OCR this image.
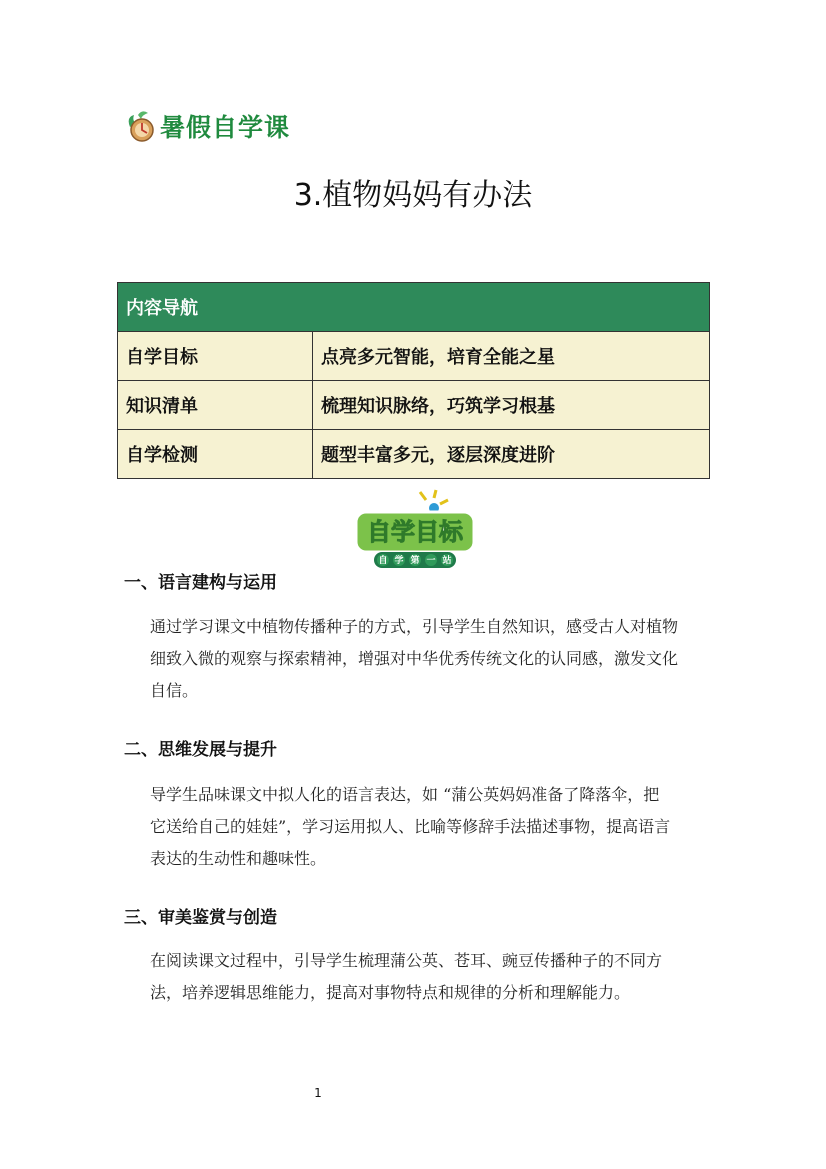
暑假自学课
3.植物妈妈有办法
内容导航	
自学目标	点亮多元智能，培育全能之星
知识清单	梳理知识脉络，巧筑学习根基
自学检测	题型丰富多元，逐层深度进阶
自学目标
自 学 第 一 站
一、语言建构与运用

通过学习课文中植物传播种子的方式，引导学生自然知识，感受古人对植物

细致入微的观察与探索精神，增强对中华优秀传统文化的认同感，激发文化

自信。

二、思维发展与提升

导学生品味课文中拟人化的语言表达，如 “蒲公英妈妈准备了降落伞，把

它送给自己的娃娃”，学习运用拟人、比喻等修辞手法描述事物，提高语言

表达的生动性和趣味性。

三、审美鉴赏与创造

在阅读课文过程中，引导学生梳理蒲公英、苍耳、豌豆传播种子的不同方

法，培养逻辑思维能力，提高对事物特点和规律的分析和理解能力。

1
